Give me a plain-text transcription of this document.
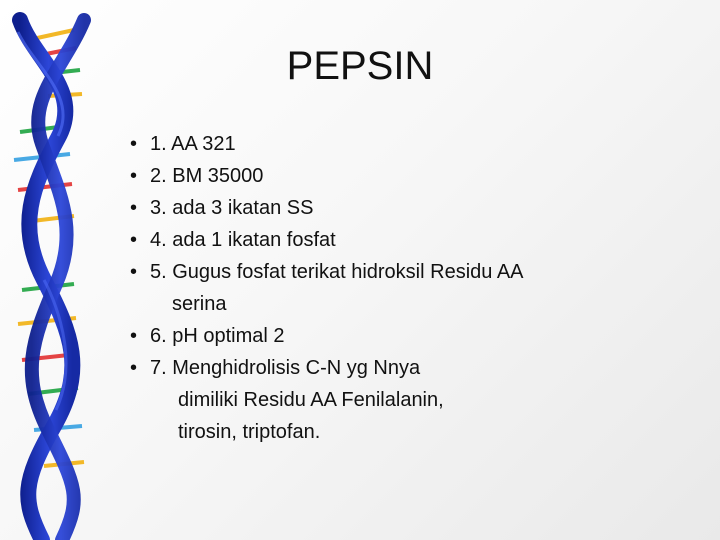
PEPSIN
• 1. AA 321
• 2. BM 35000
• 3. ada 3 ikatan SS
• 4. ada 1 ikatan fosfat
• 5. Gugus fosfat terikat hidroksil Residu AA
serina
• 6. pH optimal 2
• 7. Menghidrolisis C-N yg Nnya
dimiliki Residu AA Fenilalanin,
tirosin, triptofan.
